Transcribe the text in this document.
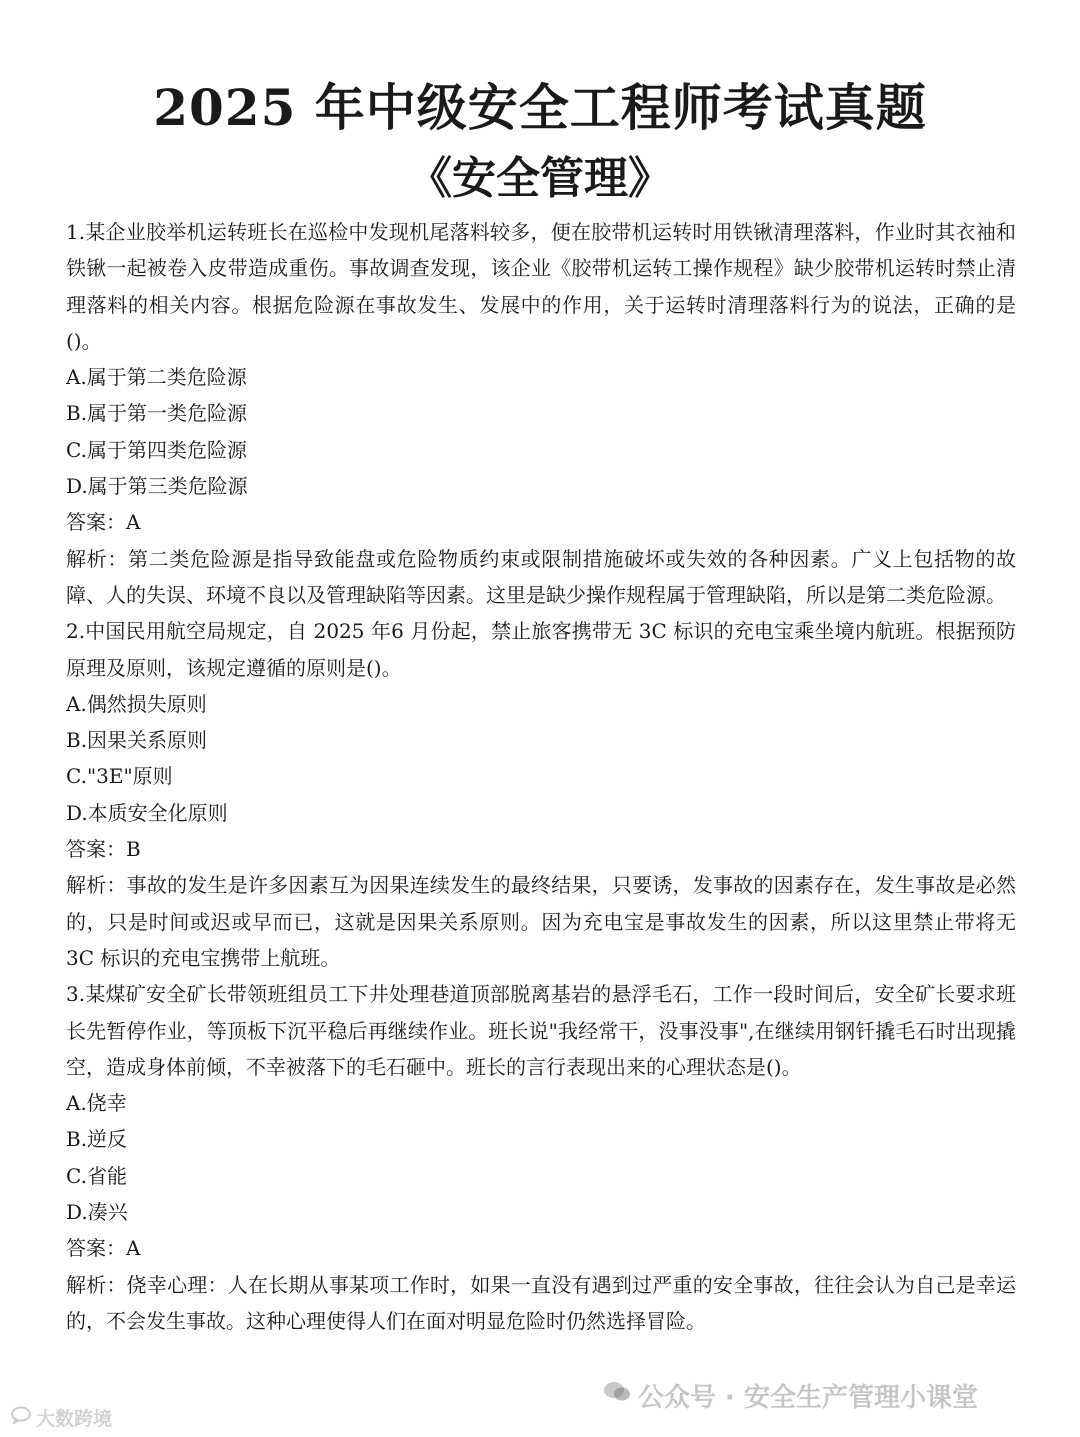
2025 年中级安全工程师考试真题
《安全管理》

1.某企业胶举机运转班长在巡检中发现机尾落料较多，便在胶带机运转时用铁锹清理落料，作业时其衣袖和铁锹一起被卷入皮带造成重伤。事故调查发现，该企业《胶带机运转工操作规程》缺少胶带机运转时禁止清理落料的相关内容。根据危险源在事故发生、发展中的作用，关于运转时清理落料行为的说法，正确的是()。

A.属于第二类危险源

B.属于第一类危险源

C.属于第四类危险源

D.属于第三类危险源

答案：A

解析：第二类危险源是指导致能盘或危险物质约束或限制措施破坏或失效的各种因素。广义上包括物的故障、人的失误、环境不良以及管理缺陷等因素。这里是缺少操作规程属于管理缺陷，所以是第二类危险源。

2.中国民用航空局规定，自 2025 年6 月份起，禁止旅客携带无 3C 标识的充电宝乘坐境内航班。根据预防原理及原则，该规定遵循的原则是()。

A.偶然损失原则

B.因果关系原则

C."3E"原则

D.本质安全化原则

答案：B

解析：事故的发生是许多因素互为因果连续发生的最终结果，只要诱，发事故的因素存在，发生事故是必然的，只是时间或迟或早而已，这就是因果关系原则。因为充电宝是事故发生的因素，所以这里禁止带将无 3C 标识的充电宝携带上航班。

3.某煤矿安全矿长带领班组员工下井处理巷道顶部脱离基岩的悬浮毛石，工作一段时间后，安全矿长要求班长先暂停作业，等顶板下沉平稳后再继续作业。班长说"我经常干，没事没事",在继续用钢钎撬毛石时出现撬空，造成身体前倾，不幸被落下的毛石砸中。班长的言行表现出来的心理状态是()。

A.侥幸

B.逆反

C.省能

D.凑兴

答案：A

解析：侥幸心理：人在长期从事某项工作时，如果一直没有遇到过严重的安全事故，往往会认为自己是幸运的，不会发生事故。这种心理使得人们在面对明显危险时仍然选择冒险。

大数跨境
公众号 · 安全生产管理小课堂
